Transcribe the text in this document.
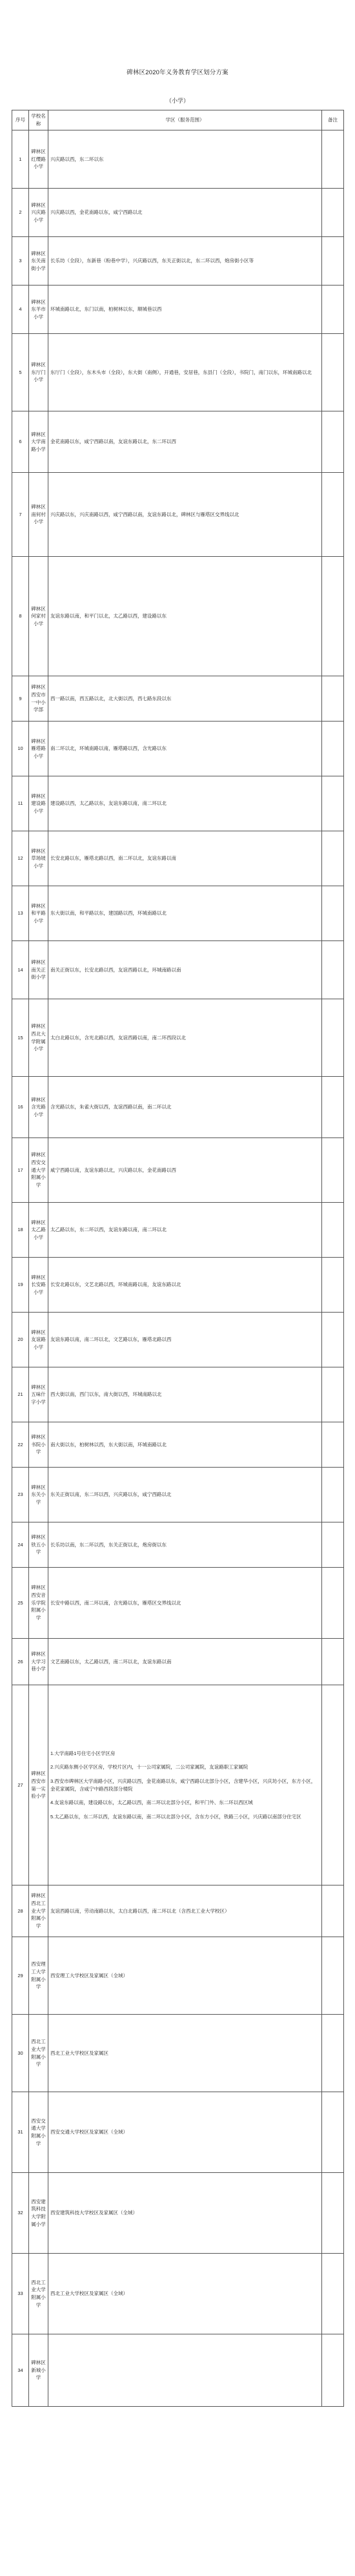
碑林区2020年义务教育学区划分方案
（小学）
序号	学校名称	学区（服务范围）	备注
1	碑林区红缨路小学	兴庆路以西，东二环以东	

2	碑林区兴庆路小学	兴庆路以西，金花南路以东，咸宁西路以北	

3	碑林区东关南街小学	长乐坊（全段），东新巷（粉巷中学），兴庆路以西，东关正街以北，东二环以西，炮房街小区等	

4	碑林区东羊市小学	环城南路以北，东门以南，柏树林以东，顺城巷以西	

5	碑林区东厅门小学	东厅门（全段），东木头市（全段），东大街（南侧），开通巷，安居巷，东县门（全段），书院门，南门以东，环城南路以北	

6	碑林区大学南路小学	金花南路以东，咸宁西路以南，友谊东路以北，东二环以西	

7	碑林区南何村小学	兴庆路以东，兴庆南路以西，咸宁西路以南，友谊东路以北，碑林区与雁塔区交界线以北	

8	碑林区何家村小学	友谊东路以南，和平门以北，太乙路以西，建设路以东	

9	碑林区西安市一中小学部	西一路以南，西五路以北，北大街以西，西七路东段以东	

10	碑林区雁塔路小学	南二环以北，环城南路以南，雁塔路以西，含光路以东	

11	碑林区建设路小学	建设路以西，太乙路以东，友谊东路以南，南二环以北	

12	碑林区草场坡小学	长安北路以东，雁塔北路以西，南二环以北，友谊东路以南	

13	碑林区和平路小学	东大街以南，和平路以东，建国路以西，环城南路以北	

14	碑林区南关正街小学	南关正街以东，长安北路以西，友谊西路以北，环城南路以南	

15	碑林区西北大学附属小学	太白北路以东，含光北路以西，友谊西路以南，南二环西段以北	

16	碑林区含光路小学	含光路以东，朱雀大街以西，友谊西路以南，南二环以北	

17	碑林区西安交通大学附属小学	咸宁西路以南，友谊东路以北，兴庆路以东，金花南路以西	

18	碑林区太乙路小学	太乙路以东，东二环以西，友谊东路以南，南二环以北	

19	碑林区长安路小学	长安北路以东，文艺北路以西，环城南路以南，友谊东路以北	

20	碑林区友谊路小学	友谊东路以南，南二环以北，文艺路以东，雁塔北路以西	

21	碑林区五味什字小学	西大街以南，西门以东，南大街以西，环城南路以北	

22	碑林区书院小学	南大街以东，柏树林以西，东大街以南，环城南路以北	

23	碑林区东关小学	东关正街以南，东二环以西，兴庆路以东，咸宁西路以北	

24	碑林区铁五小学	长乐坊以南，东二环以西，东关正街以北，炮房街以东	

25	碑林区西安音乐学院附属小学	长安中路以西，南二环以南，含光路以东，雁塔区交界线以北	

26	碑林区大学习巷小学	文艺南路以东，太乙路以西，南二环以北，友谊东路以南	

27	碑林区西安市第一实验小学	1.大学南路1号住宅小区学区房
2.兴庆路东侧小区学区房，学校片区内，十一公司家属院，二公司家属院，友谊路职工家属院
3.西安市碑林区大学南路小区，兴庆路以西，金花南路以东，咸宁西路以北部分小区，含建华小区，兴庆坊小区，东方小区，金花家属院，含咸宁中路西段部分楼院
4.友谊东路以南，建设路以东，太乙路以西，南二环以北部分小区，和平门外、东二环以西区域
5.太乙路以东，东二环以西，友谊东路以南，南二环以北部分小区，含东方小区，铁路三小区，兴庆路以南部分住宅区	

28	碑林区西北工业大学附属小学	友谊西路以南，劳动南路以东，太白北路以西，南二环以北（含西北工业大学校区）	

29	西安理工大学附属小学	西安理工大学校区及家属区（全域）	

30	西北工业大学附属小学	西北工业大学校区及家属区	

31	西安交通大学附属小学	西安交通大学校区及家属区（全域）	

32	西安建筑科技大学附属小学	西安建筑科技大学校区及家属区（全域）	

33	西北工业大学附属小学	西北工业大学校区及家属区（全域）	

34	碑林区新城小学	
